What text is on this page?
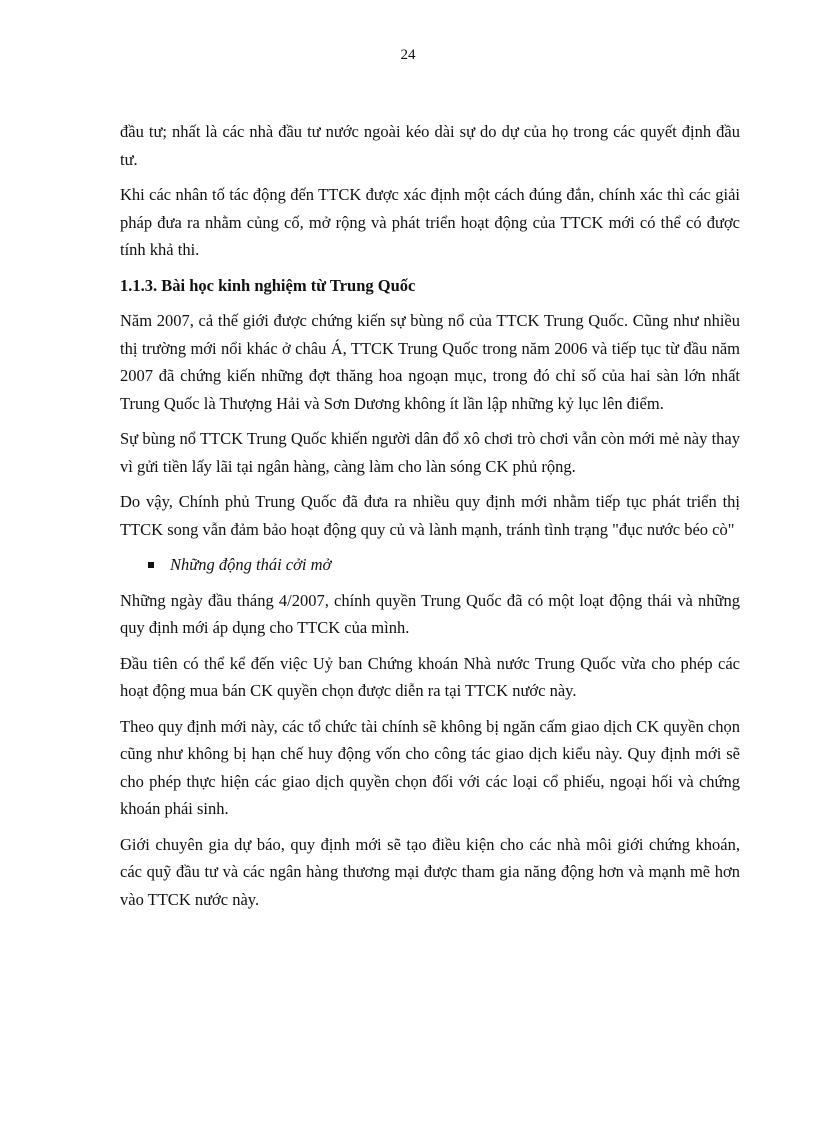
24

đầu tư; nhất là các nhà đầu tư nước ngoài kéo dài sự do dự của họ trong các quyết định đầu tư.

Khi các nhân tố tác động đến TTCK được xác định một cách đúng đắn, chính xác thì các giải pháp đưa ra nhằm củng cố, mở rộng và phát triển hoạt động của TTCK mới có thể có được tính khả thi.

1.1.3. Bài học kinh nghiệm từ Trung Quốc

Năm 2007, cả thế giới được chứng kiến sự bùng nổ của TTCK Trung Quốc. Cũng như nhiều thị trường mới nổi khác ở châu Á, TTCK Trung Quốc trong năm 2006 và tiếp tục từ đầu năm 2007 đã chứng kiến những đợt thăng hoa ngoạn mục, trong đó chỉ số của hai sàn lớn nhất Trung Quốc là Thượng Hải và Sơn Dương không ít lần lập những kỷ lục lên điểm.

Sự bùng nổ TTCK Trung Quốc khiến người dân đổ xô chơi trò chơi vẫn còn mới mẻ này thay vì gửi tiền lấy lãi tại ngân hàng, càng làm cho làn sóng CK phủ rộng.

Do vậy, Chính phủ Trung Quốc đã đưa ra nhiều quy định mới nhằm tiếp tục phát triển thị TTCK song vẫn đảm bảo hoạt động quy củ và lành mạnh, tránh tình trạng "đục nước béo cò"

Những động thái cởi mở

Những ngày đầu tháng 4/2007, chính quyền Trung Quốc đã có một loạt động thái và những quy định mới áp dụng cho TTCK của mình.

Đầu tiên có thể kể đến việc Uỷ ban Chứng khoán Nhà nước Trung Quốc vừa cho phép các hoạt động mua bán CK quyền chọn được diễn ra tại TTCK nước này.

Theo quy định mới này, các tổ chức tài chính sẽ không bị ngăn cấm giao dịch CK quyền chọn cũng như không bị hạn chế huy động vốn cho công tác giao dịch kiểu này. Quy định mới sẽ cho phép thực hiện các giao dịch quyền chọn đối với các loại cổ phiếu, ngoại hối và chứng khoán phái sinh.

Giới chuyên gia dự báo, quy định mới sẽ tạo điều kiện cho các nhà môi giới chứng khoán, các quỹ đầu tư và các ngân hàng thương mại được tham gia năng động hơn và mạnh mẽ hơn vào TTCK nước này.
